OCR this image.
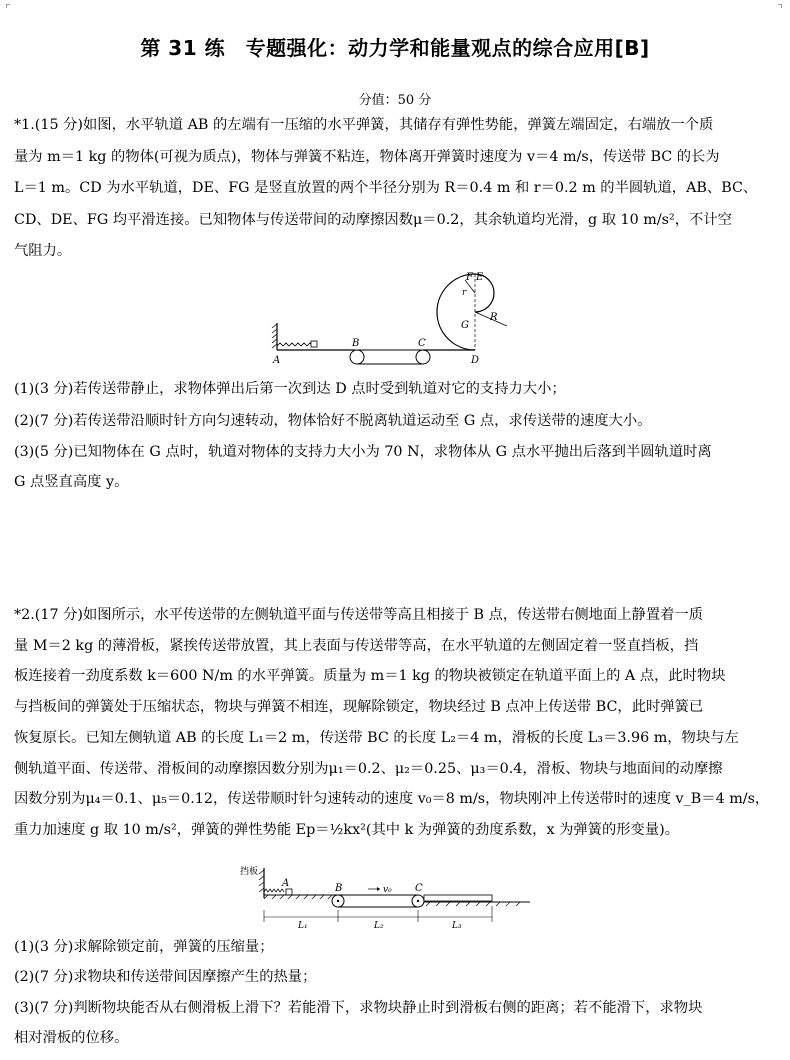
第 31 练　专题强化：动力学和能量观点的综合应用[B]
分值：50 分
*1.(15 分)如图，水平轨道 AB 的左端有一压缩的水平弹簧，其储存有弹性势能，弹簧左端固定，右端放一个质
量为 m＝1 kg 的物体(可视为质点)，物体与弹簧不粘连，物体离开弹簧时速度为 v＝4 m/s，传送带 BC 的长为
L＝1 m。CD 为水平轨道，DE、FG 是竖直放置的两个半径分别为 R＝0.4 m 和 r＝0.2 m 的半圆轨道，AB、BC、
CD、DE、FG 均平滑连接。已知物体与传送带间的动摩擦因数μ＝0.2，其余轨道均光滑，g 取 10 m/s²，不计空
气阻力。
A
B	C
D
F E
G
R
r
(1)(3 分)若传送带静止，求物体弹出后第一次到达 D 点时受到轨道对它的支持力大小；
(2)(7 分)若传送带沿顺时针方向匀速转动，物体恰好不脱离轨道运动至 G 点，求传送带的速度大小。
(3)(5 分)已知物体在 G 点时，轨道对物体的支持力大小为 70 N，求物体从 G 点水平抛出后落到半圆轨道时离
G 点竖直高度 y。
*2.(17 分)如图所示，水平传送带的左侧轨道平面与传送带等高且相接于 B 点，传送带右侧地面上静置着一质
量 M＝2 kg 的薄滑板，紧挨传送带放置，其上表面与传送带等高，在水平轨道的左侧固定着一竖直挡板，挡
板连接着一劲度系数 k＝600 N/m 的水平弹簧。质量为 m＝1 kg 的物块被锁定在轨道平面上的 A 点，此时物块
与挡板间的弹簧处于压缩状态，物块与弹簧不相连，现解除锁定，物块经过 B 点冲上传送带 BC，此时弹簧已
恢复原长。已知左侧轨道 AB 的长度 L₁＝2 m，传送带 BC 的长度 L₂＝4 m，滑板的长度 L₃＝3.96 m，物块与左
侧轨道平面、传送带、滑板间的动摩擦因数分别为μ₁＝0.2、μ₂＝0.25、μ₃＝0.4，滑板、物块与地面间的动摩擦
因数分别为μ₄＝0.1、μ₅＝0.12，传送带顺时针匀速转动的速度 v₀＝8 m/s，物块刚冲上传送带时的速度 v_B＝4 m/s，
重力加速度 g 取 10 m/s²，弹簧的弹性势能 Ep＝½kx²(其中 k 为弹簧的劲度系数，x 为弹簧的形变量)。
挡板
A	B	C
v₀
L₁	L₂	L₃
(1)(3 分)求解除锁定前，弹簧的压缩量；
(2)(7 分)求物块和传送带间因摩擦产生的热量；
(3)(7 分)判断物块能否从右侧滑板上滑下？若能滑下，求物块静止时到滑板右侧的距离；若不能滑下，求物块
相对滑板的位移。
